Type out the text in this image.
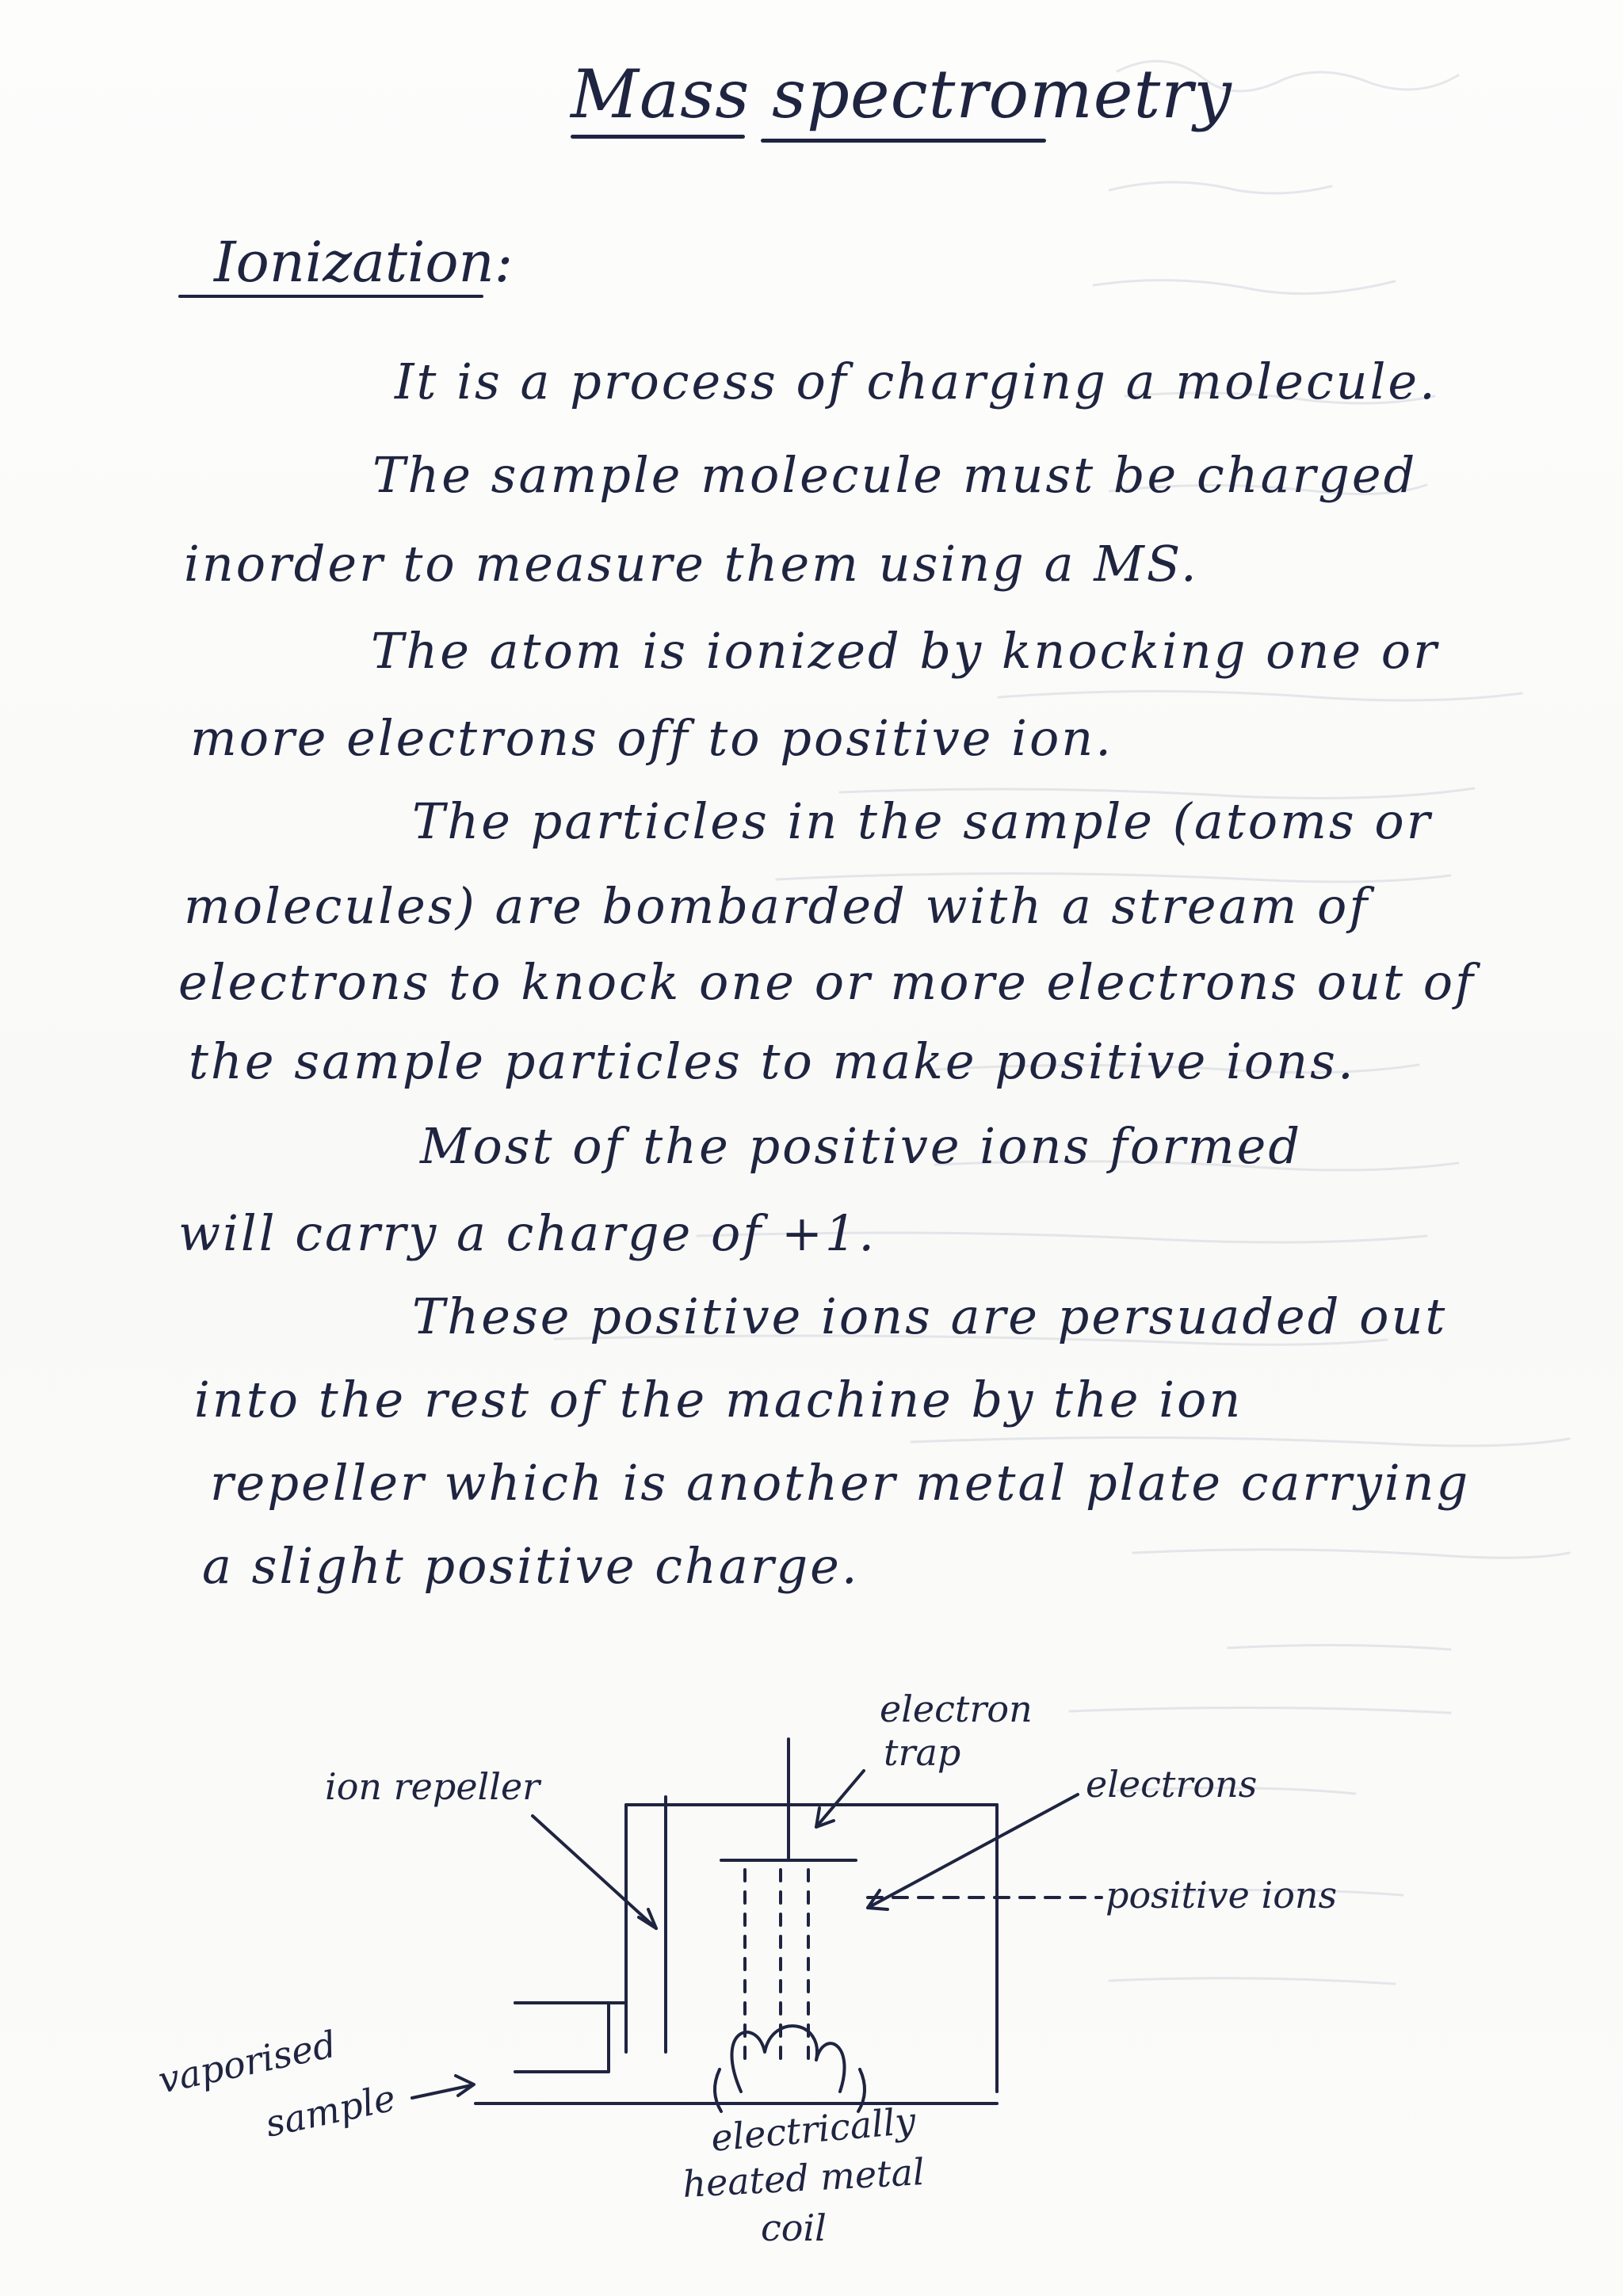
Mass spectrometry
Ionization:
It is a process of charging a molecule.
The sample molecule must be charged
inorder to measure them using a MS.
The atom is ionized by knocking one or
more electrons off to positive ion.
The particles in the sample (atoms or
molecules) are bombarded with a stream of
electrons to knock one or more electrons out of
the sample particles to make positive ions.
Most of the positive ions formed
will carry a charge of +1.
These positive ions are persuaded out
into the rest of the machine by the ion
repeller which is another metal plate carrying
a slight positive charge.
electron
trap
ion repeller	electrons
positive ions
vaporised
sample	electrically
heated metal
coil
